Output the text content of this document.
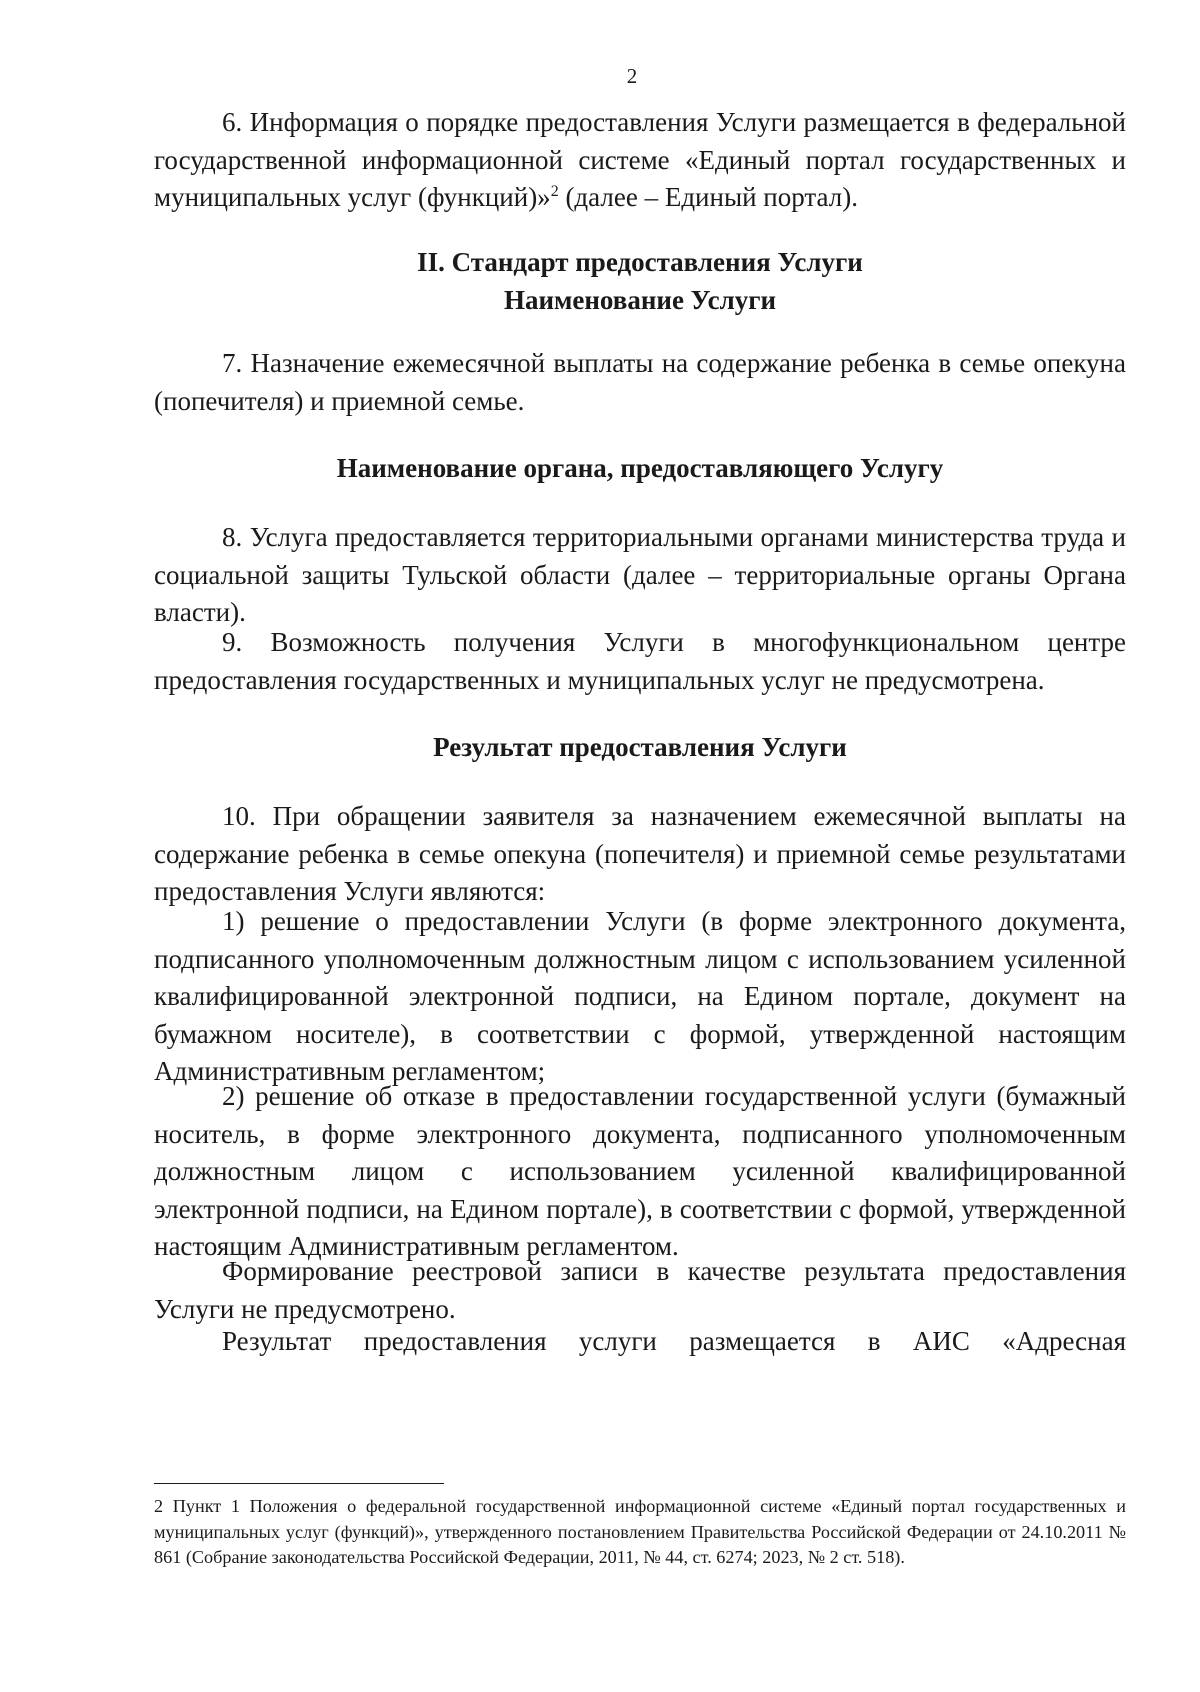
2

6. Информация о порядке предоставления Услуги размещается в федеральной государственной информационной системе «Единый портал государственных и муниципальных услуг (функций)»$^2$ (далее – Единый портал).

II. Стандарт предоставления Услуги

Наименование Услуги

7. Назначение ежемесячной выплаты на содержание ребенка в семье опекуна (попечителя) и приемной семье.

Наименование органа, предоставляющего Услугу

8. Услуга предоставляется территориальными органами министерства труда и социальной защиты Тульской области (далее – территориальные органы Органа власти).

9. Возможность получения Услуги в многофункциональном центре предоставления государственных и муниципальных услуг не предусмотрена.

Результат предоставления Услуги

10. При обращении заявителя за назначением ежемесячной выплаты на содержание ребенка в семье опекуна (попечителя) и приемной семье результатами предоставления Услуги являются:

1) решение о предоставлении Услуги (в форме электронного документа, подписанного уполномоченным должностным лицом с использованием усиленной квалифицированной электронной подписи, на Едином портале, документ на бумажном носителе), в соответствии с формой, утвержденной настоящим Административным регламентом;

2) решение об отказе в предоставлении государственной услуги (бумажный носитель, в форме электронного документа, подписанного уполномоченным должностным лицом с использованием усиленной квалифицированной электронной подписи, на Едином портале), в соответствии с формой, утвержденной настоящим Административным регламентом.

Формирование реестровой записи в качестве результата предоставления Услуги не предусмотрено.

Результат предоставления услуги размещается в АИС «Адресная

2 Пункт 1 Положения о федеральной государственной информационной системе «Единый портал государственных и муниципальных услуг (функций)», утвержденного постановлением Правительства Российской Федерации от 24.10.2011 № 861 (Собрание законодательства Российской Федерации, 2011, № 44, ст. 6274; 2023, № 2 ст. 518).
